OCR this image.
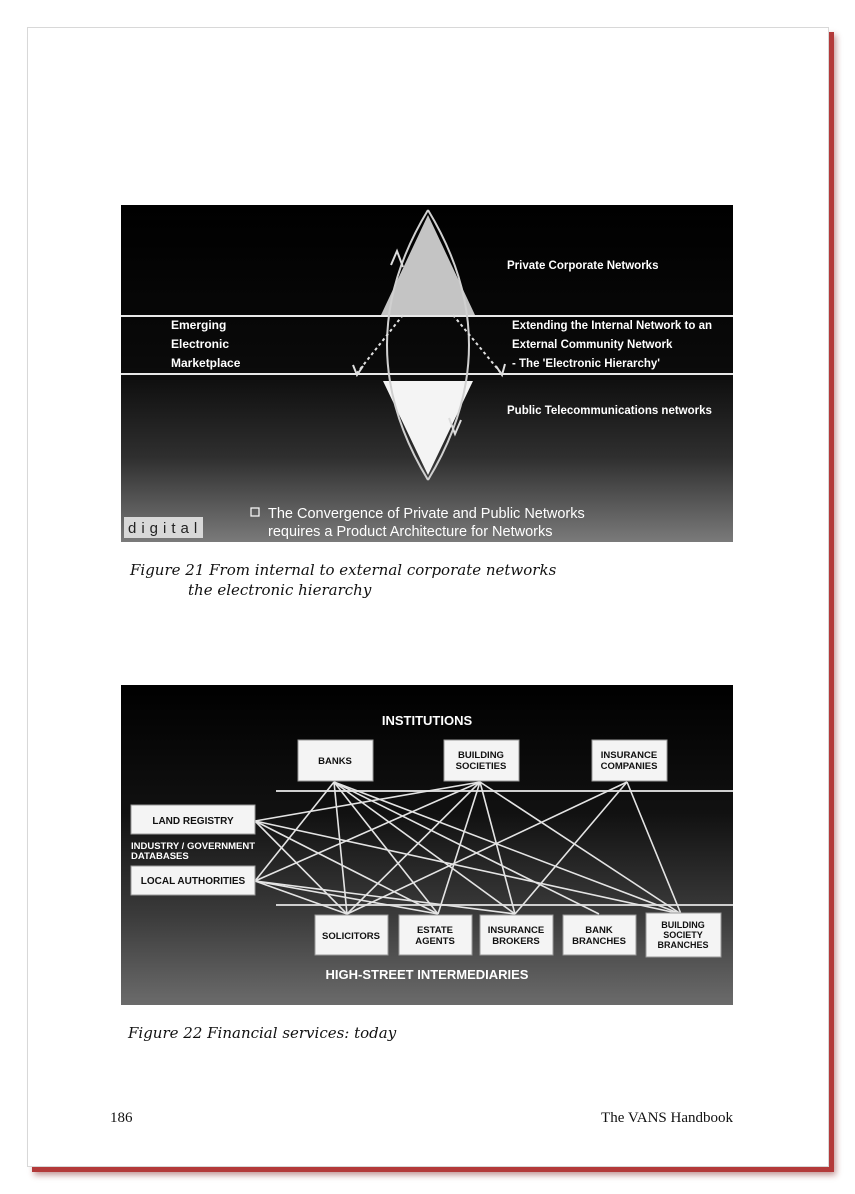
Private Corporate Networks
Emerging
Electronic
Marketplace
Extending the Internal Network to an
External Community Network
- The 'Electronic Hierarchy'
Public Telecommunications networks
The Convergence of Private and Public Networks
requires a Product Architecture for Networks
digital
Figure 21 From internal to external corporate networks
the electronic hierarchy
INSTITUTIONS
BANKS
BUILDING
SOCIETIES
INSURANCE
COMPANIES
LAND REGISTRY
INDUSTRY / GOVERNMENT
DATABASES
LOCAL AUTHORITIES
SOLICITORS
ESTATE
AGENTS
INSURANCE
BROKERS
BANK
BRANCHES
BUILDING
SOCIETY
BRANCHES
HIGH-STREET INTERMEDIARIES
Figure 22 Financial services: today
186	The VANS Handbook
